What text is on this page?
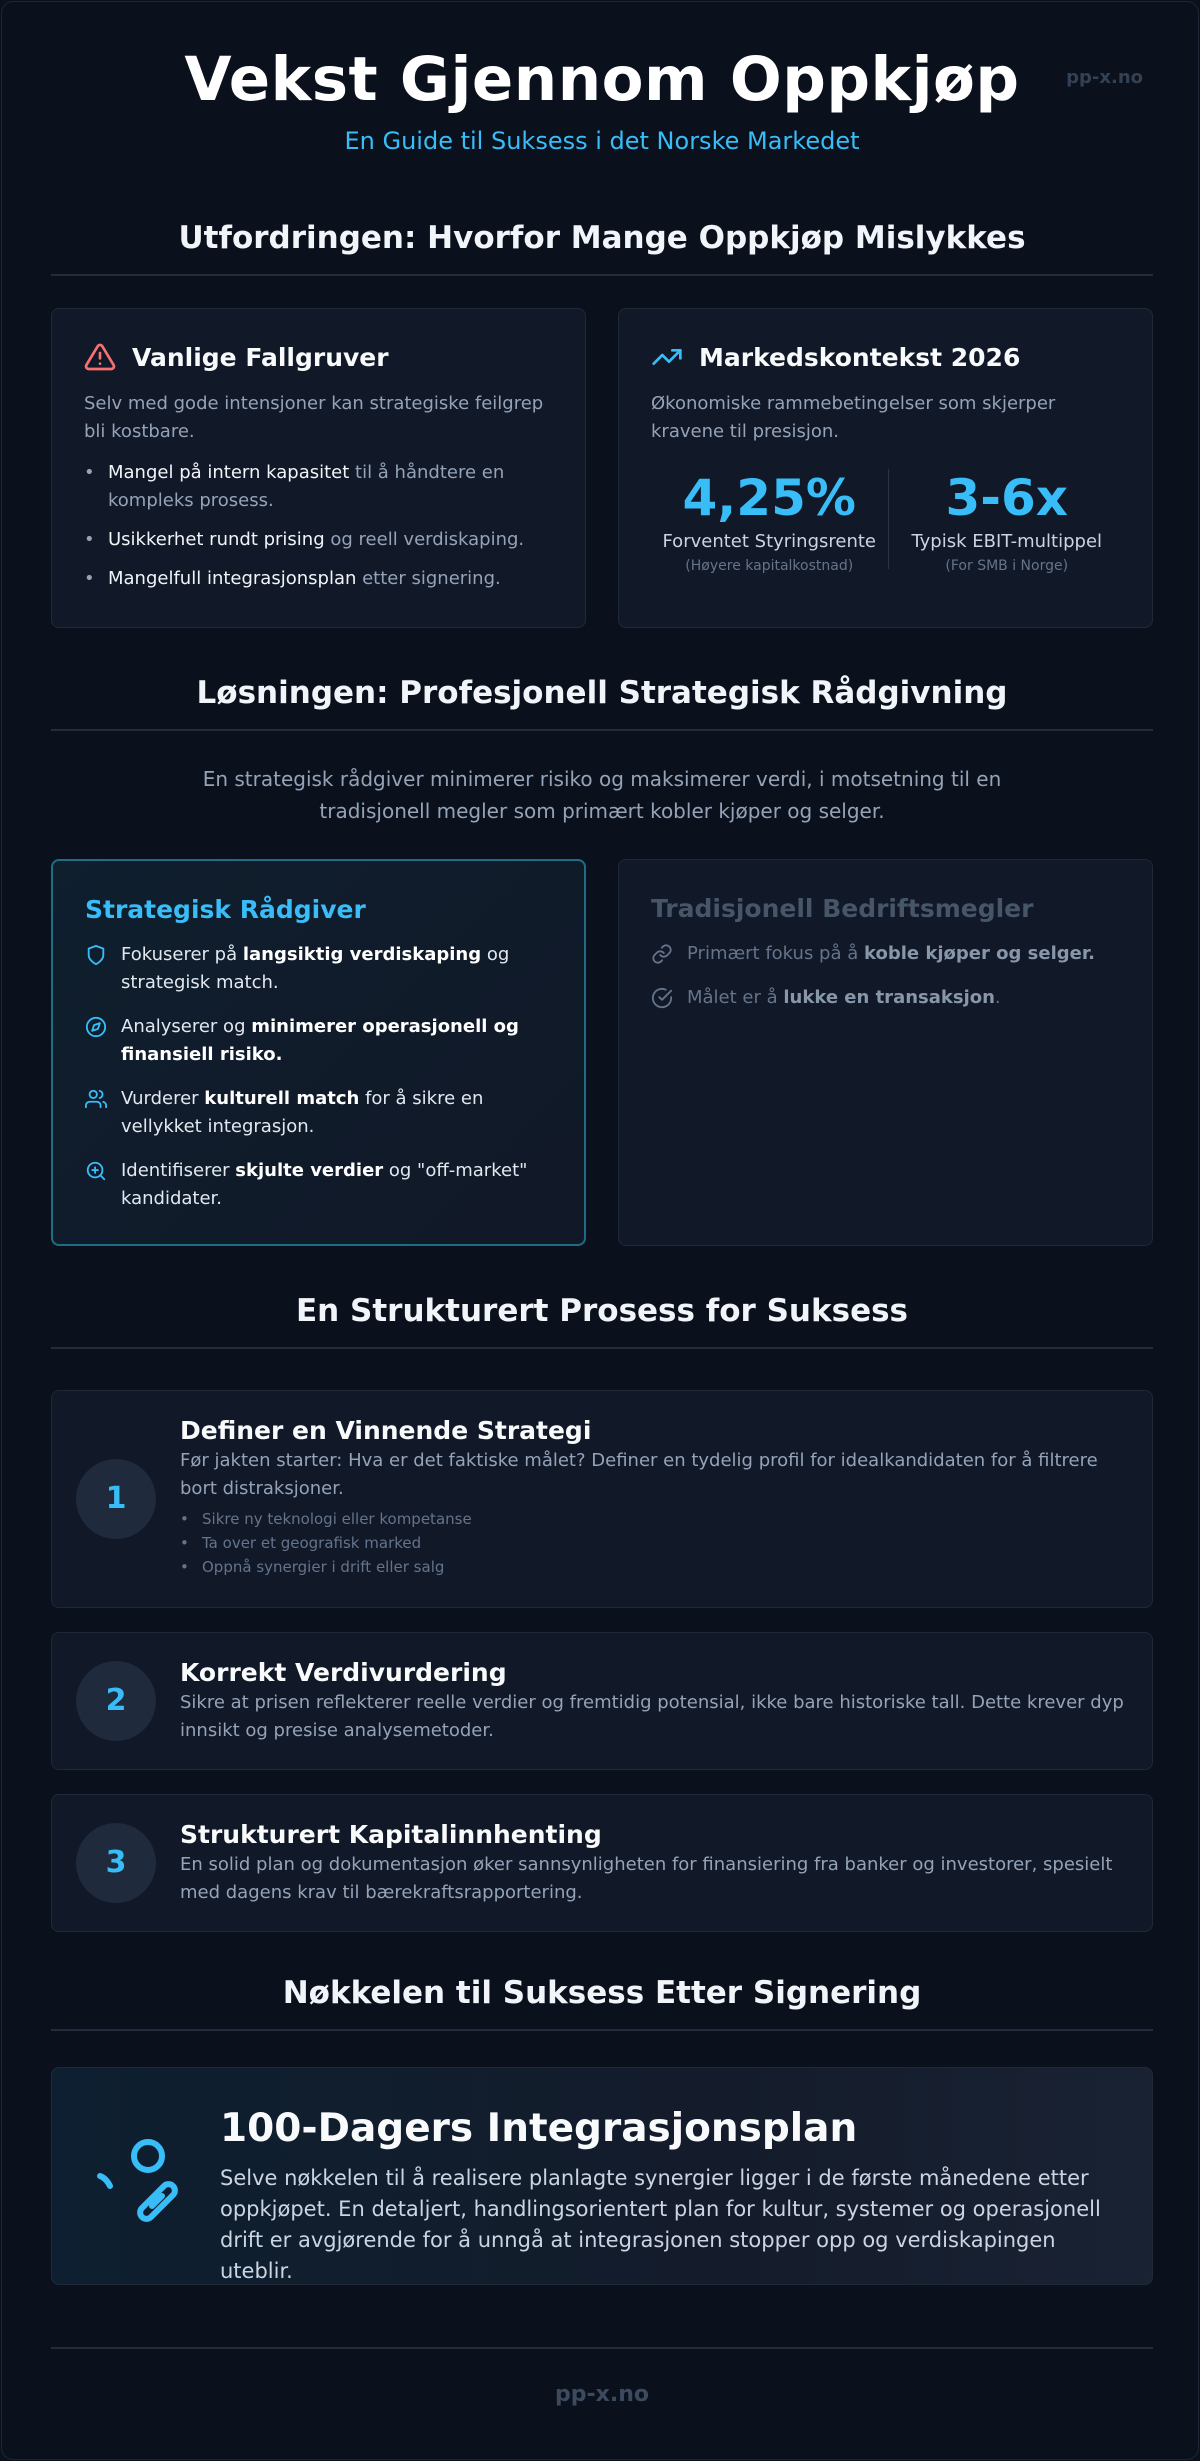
Vekst Gjennom Oppkjøp
En Guide til Suksess i det Norske Markedet
pp-x.no
Utfordringen: Hvorfor Mange Oppkjøp Mislykkes
Vanlige Fallgruver
Selv med gode intensjoner kan strategiske feilgrep bli kostbare.
• Mangel på intern kapasitet til å håndtere en kompleks prosess.
• Usikkerhet rundt prising og reell verdiskaping.
• Mangelfull integrasjonsplan etter signering.
Markedskontekst 2026
Økonomiske rammebetingelser som skjerper kravene til presisjon.
4,25%
Forventet Styringsrente
(Høyere kapitalkostnad)
3-6x
Typisk EBIT-multippel
(For SMB i Norge)
Løsningen: Profesjonell Strategisk Rådgivning
En strategisk rådgiver minimerer risiko og maksimerer verdi, i motsetning til en tradisjonell megler som primært kobler kjøper og selger.
Strategisk Rådgiver
Fokuserer på langsiktig verdiskaping og strategisk match.
Analyserer og minimerer operasjonell og finansiell risiko.
Vurderer kulturell match for å sikre en vellykket integrasjon.
Identifiserer skjulte verdier og "off-market" kandidater.
Tradisjonell Bedriftsmegler
Primært fokus på å koble kjøper og selger.
Målet er å lukke en transaksjon.
En Strukturert Prosess for Suksess
1
Definer en Vinnende Strategi

Før jakten starter: Hva er det faktiske målet? Definer en tydelig profil for idealkandidaten for å filtrere bort distraksjoner.

• Sikre ny teknologi eller kompetanse
• Ta over et geografisk marked
• Oppnå synergier i drift eller salg
2
Korrekt Verdivurdering

Sikre at prisen reflekterer reelle verdier og fremtidig potensial, ikke bare historiske tall. Dette krever dyp innsikt og presise analysemetoder.

3
Strukturert Kapitalinnhenting

En solid plan og dokumentasjon øker sannsynligheten for finansiering fra banker og investorer, spesielt med dagens krav til bærekraftsrapportering.

Nøkkelen til Suksess Etter Signering
100-Dagers Integrasjonsplan
Selve nøkkelen til å realisere planlagte synergier ligger i de første månedene etter oppkjøpet. En detaljert, handlingsorientert plan for kultur, systemer og operasjonell drift er avgjørende for å unngå at integrasjonen stopper opp og verdiskapingen uteblir.
pp-x.no
